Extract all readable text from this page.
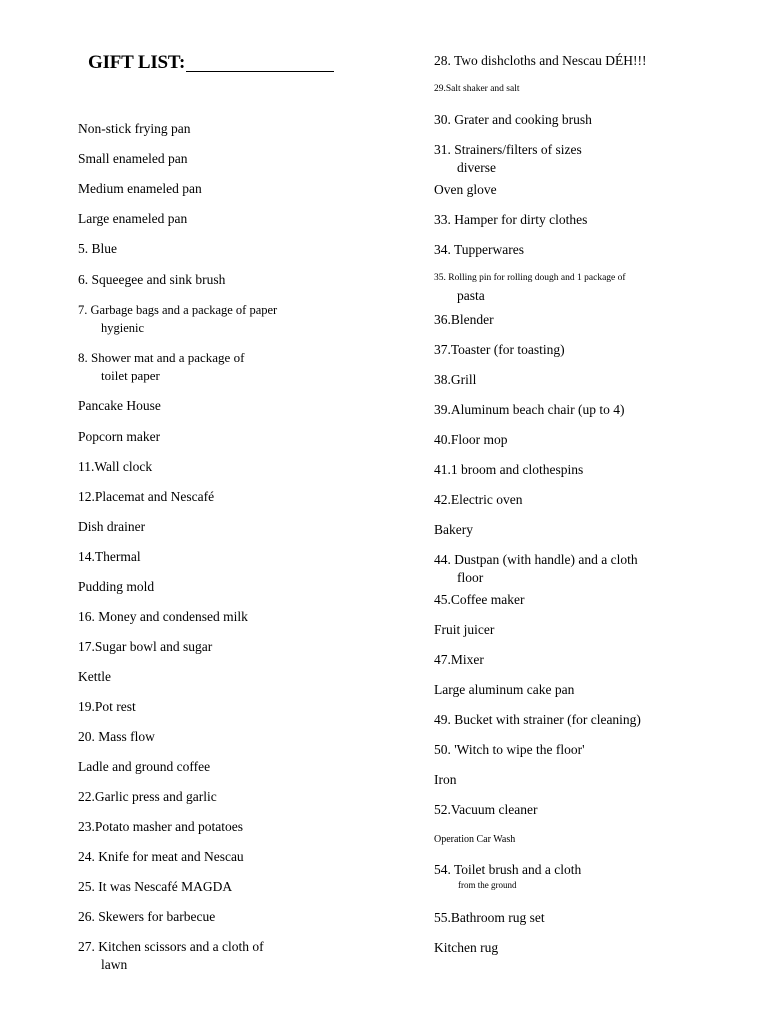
GIFT LIST:
Non-stick frying pan
Small enameled pan
Medium enameled pan
Large enameled pan
5. Blue
6. Squeegee and sink brush
7. Garbage bags and a package of paper
hygienic
8. Shower mat and a package of
toilet paper
Pancake House
Popcorn maker
11.Wall clock
12.Placemat and Nescafé
Dish drainer
14.Thermal
Pudding mold
16. Money and condensed milk
17.Sugar bowl and sugar
Kettle
19.Pot rest
20. Mass flow
Ladle and ground coffee
22.Garlic press and garlic
23.Potato masher and potatoes
24. Knife for meat and Nescau
25. It was Nescafé MAGDA
26. Skewers for barbecue
27. Kitchen scissors and a cloth of
lawn
28. Two dishcloths and Nescau DÉH!!!
29.Salt shaker and salt
30. Grater and cooking brush
31. Strainers/filters of sizes
diverse
Oven glove
33. Hamper for dirty clothes
34. Tupperwares
35. Rolling pin for rolling dough and 1 package of
pasta
36.Blender
37.Toaster (for toasting)
38.Grill
39.Aluminum beach chair (up to 4)
40.Floor mop
41.1 broom and clothespins
42.Electric oven
Bakery
44. Dustpan (with handle) and a cloth
floor
45.Coffee maker
Fruit juicer
47.Mixer
Large aluminum cake pan
49. Bucket with strainer (for cleaning)
50. 'Witch to wipe the floor'
Iron
52.Vacuum cleaner
Operation Car Wash
54. Toilet brush and a cloth
from the ground
55.Bathroom rug set
Kitchen rug
